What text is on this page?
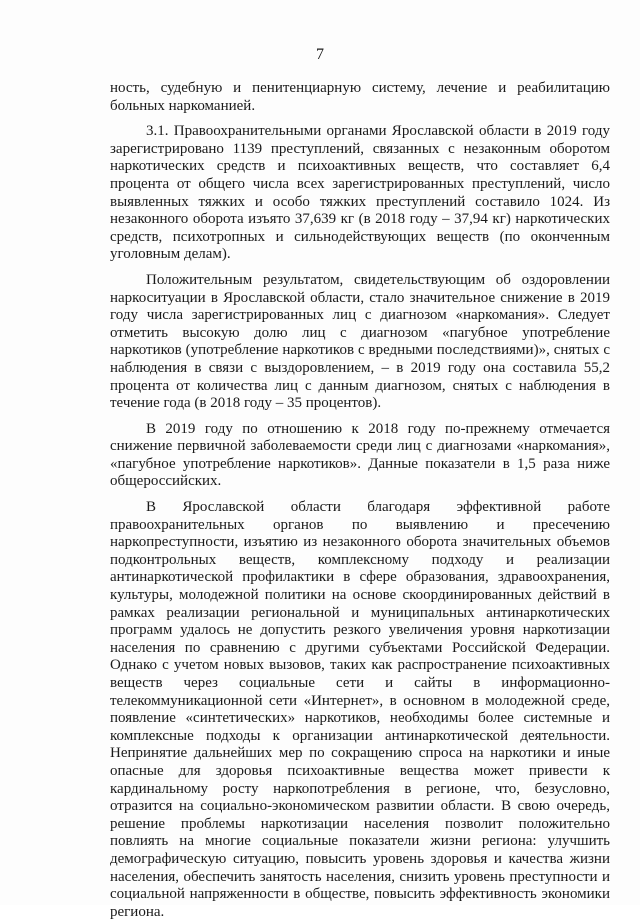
7

ность, судебную и пенитенциарную систему, лечение и реабилитацию больных наркоманией.

3.1. Правоохранительными органами Ярославской области в 2019 году зарегистрировано 1139 преступлений, связанных с незаконным оборотом наркотических средств и психоактивных веществ, что составляет 6,4 процента от общего числа всех зарегистрированных преступлений, число выявленных тяжких и особо тяжких преступлений составило 1024. Из незаконного оборота изъято 37,639 кг (в 2018 году – 37,94 кг) наркотических средств, психотропных и сильнодействующих веществ (по оконченным уголовным делам).

Положительным результатом, свидетельствующим об оздоровлении наркоситуации в Ярославской области, стало значительное снижение в 2019 году числа зарегистрированных лиц с диагнозом «наркомания». Следует отметить высокую долю лиц с диагнозом «пагубное употребление наркотиков (употребление наркотиков с вредными последствиями)», снятых с наблюдения в связи с выздоровлением, – в 2019 году она составила 55,2 процента от количества лиц с данным диагнозом, снятых с наблюдения в течение года (в 2018 году – 35 процентов).

В 2019 году по отношению к 2018 году по-прежнему отмечается снижение первичной заболеваемости среди лиц с диагнозами «наркомания», «пагубное употребление наркотиков». Данные показатели в 1,5 раза ниже общероссийских.

В Ярославской области благодаря эффективной работе правоохранительных органов по выявлению и пресечению наркопреступности, изъятию из незаконного оборота значительных объемов подконтрольных веществ, комплексному подходу и реализации антинаркотической профилактики в сфере образования, здравоохранения, культуры, молодежной политики на основе скоординированных действий в рамках реализации региональной и муниципальных антинаркотических программ удалось не допустить резкого увеличения уровня наркотизации населения по сравнению с другими субъектами Российской Федерации. Однако с учетом новых вызовов, таких как распространение психоактивных веществ через социальные сети и сайты в информационно-телекоммуникационной сети «Интернет», в основном в молодежной среде, появление «синтетических» наркотиков, необходимы более системные и комплексные подходы к организации антинаркотической деятельности. Непринятие дальнейших мер по сокращению спроса на наркотики и иные опасные для здоровья психоактивные вещества может привести к кардинальному росту наркопотребления в регионе, что, безусловно, отразится на социально-экономическом развитии области. В свою очередь, решение проблемы наркотизации населения позволит положительно повлиять на многие социальные показатели жизни региона: улучшить демографическую ситуацию, повысить уровень здоровья и качества жизни населения, обеспечить занятость населения, снизить уровень преступности и социальной напряженности в обществе, повысить эффективность экономики региона.
